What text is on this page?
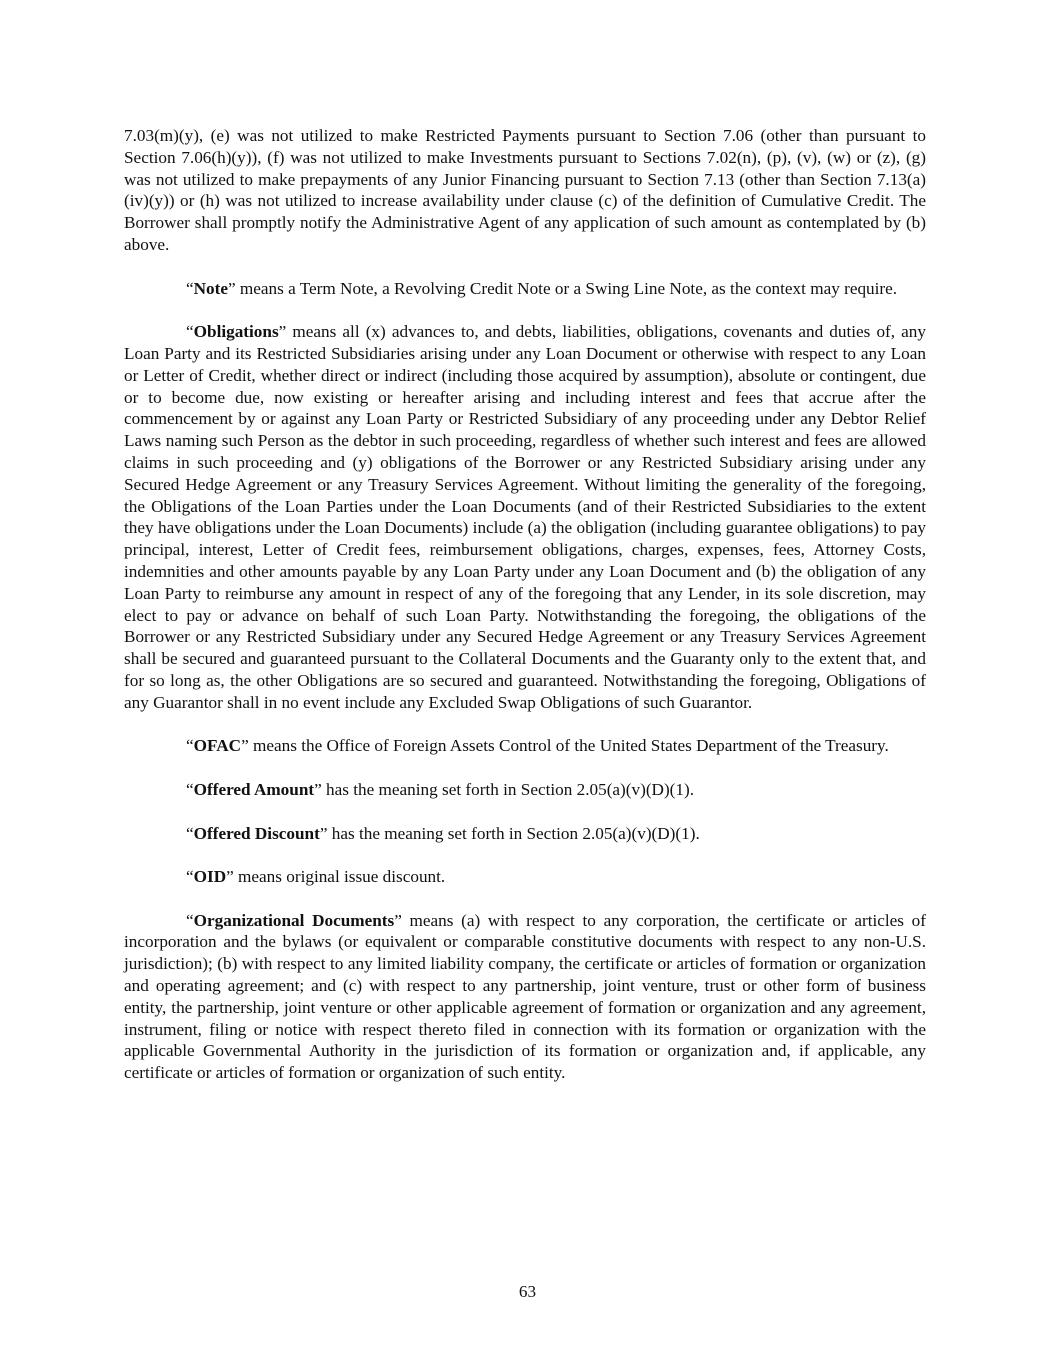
7.03(m)(y), (e) was not utilized to make Restricted Payments pursuant to Section 7.06 (other than pursuant to Section 7.06(h)(y)), (f) was not utilized to make Investments pursuant to Sections 7.02(n), (p), (v), (w) or (z), (g) was not utilized to make prepayments of any Junior Financing pursuant to Section 7.13 (other than Section 7.13(a)(iv)(y)) or (h) was not utilized to increase availability under clause (c) of the definition of Cumulative Credit. The Borrower shall promptly notify the Administrative Agent of any application of such amount as contemplated by (b) above.

“Note” means a Term Note, a Revolving Credit Note or a Swing Line Note, as the context may require.

“Obligations” means all (x) advances to, and debts, liabilities, obligations, covenants and duties of, any Loan Party and its Restricted Subsidiaries arising under any Loan Document or otherwise with respect to any Loan or Letter of Credit, whether direct or indirect (including those acquired by assumption), absolute or contingent, due or to become due, now existing or hereafter arising and including interest and fees that accrue after the commencement by or against any Loan Party or Restricted Subsidiary of any proceeding under any Debtor Relief Laws naming such Person as the debtor in such proceeding, regardless of whether such interest and fees are allowed claims in such proceeding and (y) obligations of the Borrower or any Restricted Subsidiary arising under any Secured Hedge Agreement or any Treasury Services Agreement. Without limiting the generality of the foregoing, the Obligations of the Loan Parties under the Loan Documents (and of their Restricted Subsidiaries to the extent they have obligations under the Loan Documents) include (a) the obligation (including guarantee obligations) to pay principal, interest, Letter of Credit fees, reimbursement obligations, charges, expenses, fees, Attorney Costs, indemnities and other amounts payable by any Loan Party under any Loan Document and (b) the obligation of any Loan Party to reimburse any amount in respect of any of the foregoing that any Lender, in its sole discretion, may elect to pay or advance on behalf of such Loan Party. Notwithstanding the foregoing, the obligations of the Borrower or any Restricted Subsidiary under any Secured Hedge Agreement or any Treasury Services Agreement shall be secured and guaranteed pursuant to the Collateral Documents and the Guaranty only to the extent that, and for so long as, the other Obligations are so secured and guaranteed. Notwithstanding the foregoing, Obligations of any Guarantor shall in no event include any Excluded Swap Obligations of such Guarantor.

“OFAC” means the Office of Foreign Assets Control of the United States Department of the Treasury.

“Offered Amount” has the meaning set forth in Section 2.05(a)(v)(D)(1).

“Offered Discount” has the meaning set forth in Section 2.05(a)(v)(D)(1).

“OID” means original issue discount.

“Organizational Documents” means (a) with respect to any corporation, the certificate or articles of incorporation and the bylaws (or equivalent or comparable constitutive documents with respect to any non-U.S. jurisdiction); (b) with respect to any limited liability company, the certificate or articles of formation or organization and operating agreement; and (c) with respect to any partnership, joint venture, trust or other form of business entity, the partnership, joint venture or other applicable agreement of formation or organization and any agreement, instrument, filing or notice with respect thereto filed in connection with its formation or organization with the applicable Governmental Authority in the jurisdiction of its formation or organization and, if applicable, any certificate or articles of formation or organization of such entity.

63
